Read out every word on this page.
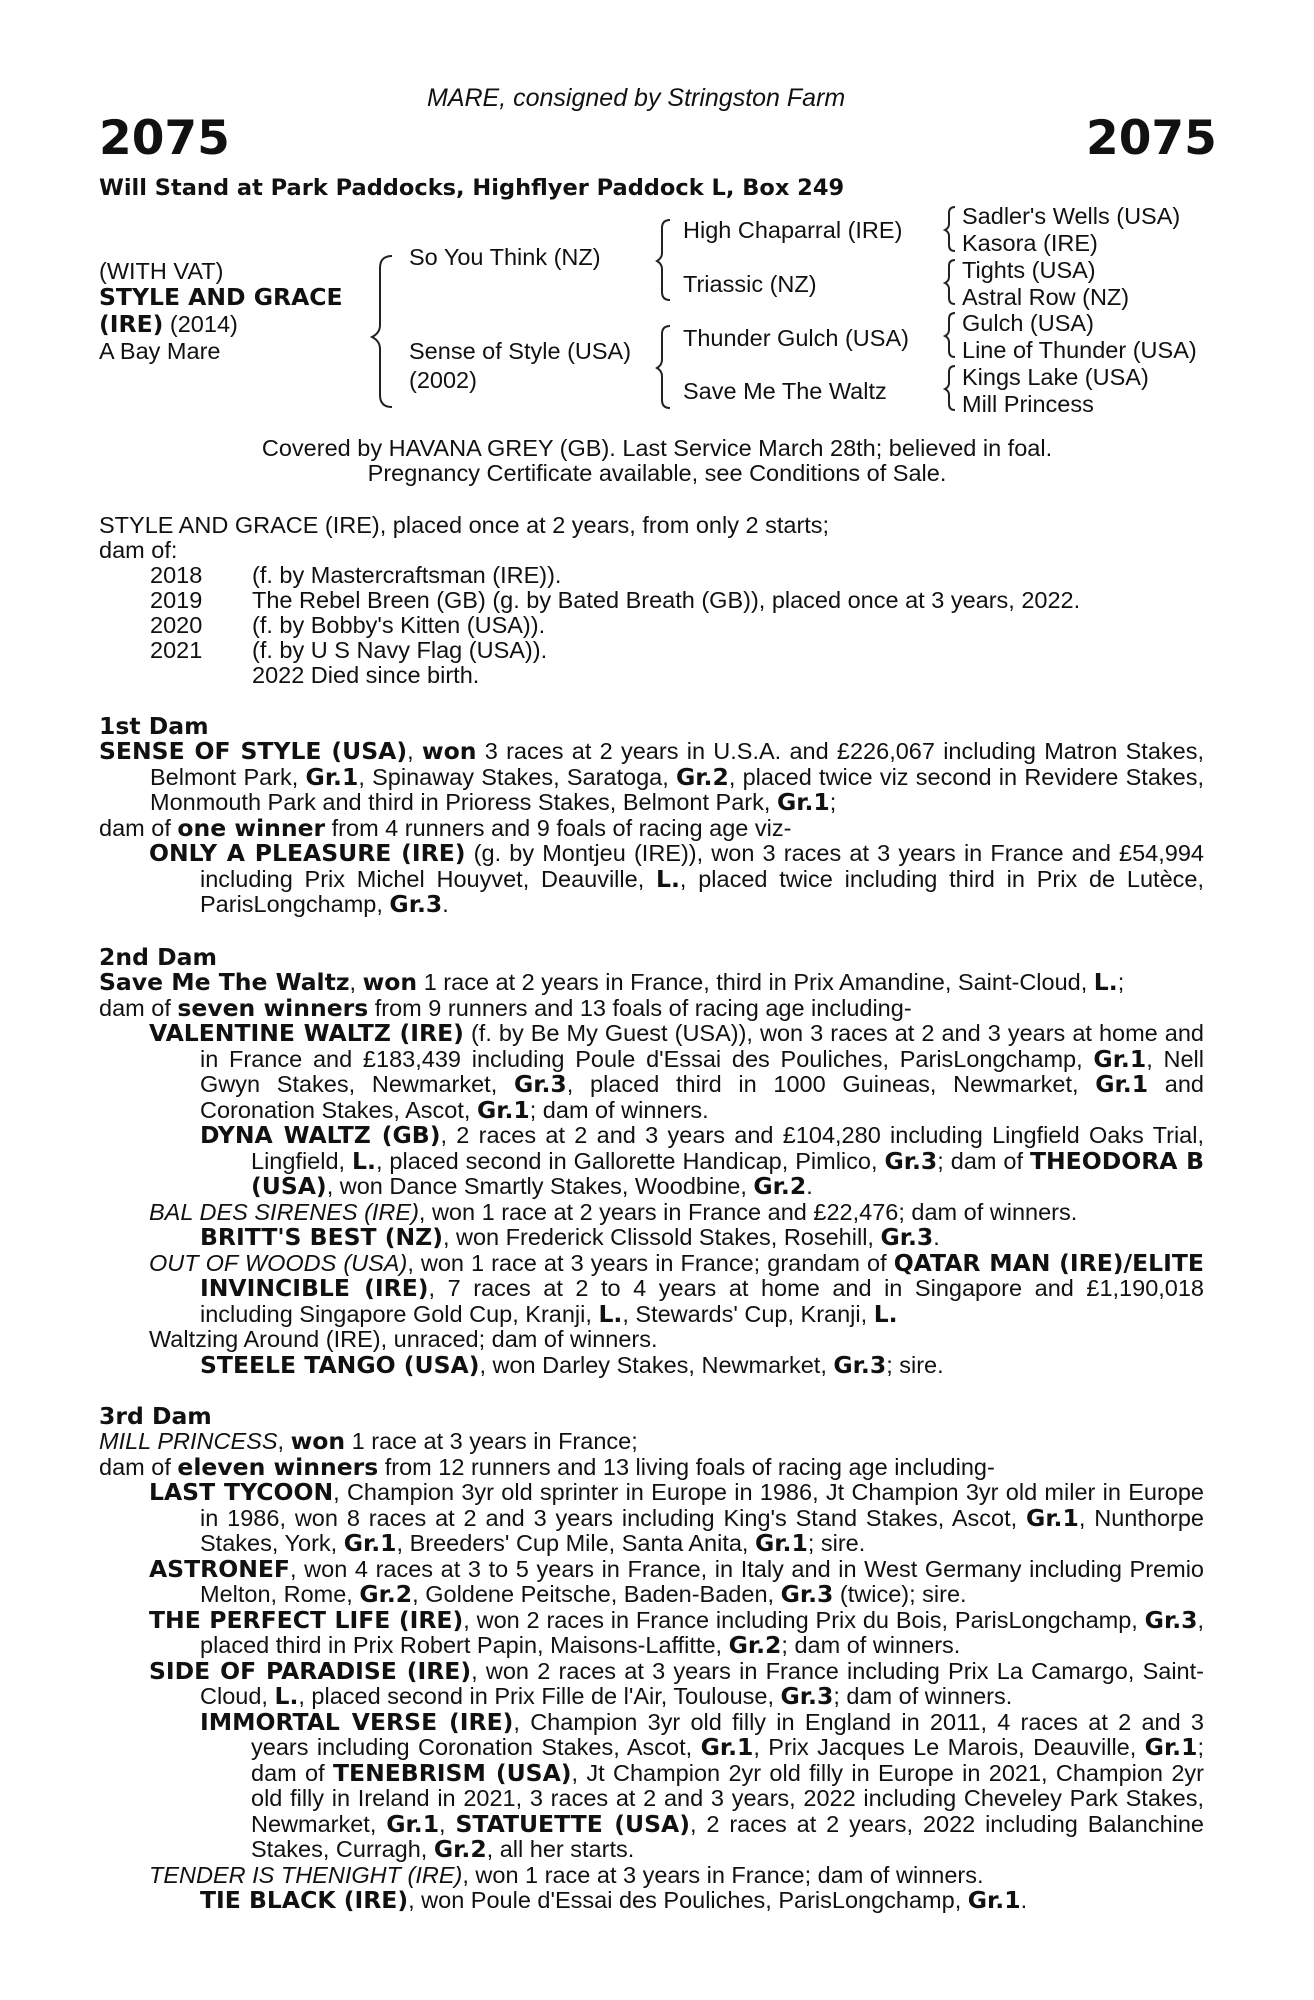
MARE, consigned by Stringston Farm
2075	2075
Will Stand at Park Paddocks, Highflyer Paddock L, Box 249
(WITH VAT)
STYLE AND GRACE
(IRE) (2014)
A Bay Mare
So You Think (NZ)
Sense of Style (USA)
(2002)
High Chaparral (IRE)
Triassic (NZ)
Thunder Gulch (USA)
Save Me The Waltz
Sadler's Wells (USA)
Kasora (IRE)
Tights (USA)
Astral Row (NZ)
Gulch (USA)
Line of Thunder (USA)
Kings Lake (USA)
Mill Princess
Covered by HAVANA GREY (GB). Last Service March 28th; believed in foal.
Pregnancy Certificate available, see Conditions of Sale.
STYLE AND GRACE (IRE), placed once at 2 years, from only 2 starts;
dam of:
2018 (f. by Mastercraftsman (IRE)).
2019 The Rebel Breen (GB) (g. by Bated Breath (GB)), placed once at 3 years, 2022.
2020 (f. by Bobby's Kitten (USA)).
2021 (f. by U S Navy Flag (USA)).
2022 Died since birth.
1st Dam
SENSE OF STYLE (USA), won 3 races at 2 years in U.S.A. and £226,067 including Matron Stakes, Belmont Park, Gr.1, Spinaway Stakes, Saratoga, Gr.2, placed twice viz second in Revidere Stakes, Monmouth Park and third in Prioress Stakes, Belmont Park, Gr.1;
dam of one winner from 4 runners and 9 foals of racing age viz-
ONLY A PLEASURE (IRE) (g. by Montjeu (IRE)), won 3 races at 3 years in France and £54,994 including Prix Michel Houyvet, Deauville, L., placed twice including third in Prix de Lutèce, ParisLongchamp, Gr.3.
2nd Dam
Save Me The Waltz, won 1 race at 2 years in France, third in Prix Amandine, Saint-Cloud, L.;
dam of seven winners from 9 runners and 13 foals of racing age including-
VALENTINE WALTZ (IRE) (f. by Be My Guest (USA)), won 3 races at 2 and 3 years at home and in France and £183,439 including Poule d'Essai des Pouliches, ParisLongchamp, Gr.1, Nell Gwyn Stakes, Newmarket, Gr.3, placed third in 1000 Guineas, Newmarket, Gr.1 and Coronation Stakes, Ascot, Gr.1; dam of winners.
DYNA WALTZ (GB), 2 races at 2 and 3 years and £104,280 including Lingfield Oaks Trial, Lingfield, L., placed second in Gallorette Handicap, Pimlico, Gr.3; dam of THEODORA B (USA), won Dance Smartly Stakes, Woodbine, Gr.2.
BAL DES SIRENES (IRE), won 1 race at 2 years in France and £22,476; dam of winners.
BRITT'S BEST (NZ), won Frederick Clissold Stakes, Rosehill, Gr.3.
OUT OF WOODS (USA), won 1 race at 3 years in France; grandam of QATAR MAN (IRE)/ELITE INVINCIBLE (IRE), 7 races at 2 to 4 years at home and in Singapore and £1,190,018 including Singapore Gold Cup, Kranji, L., Stewards' Cup, Kranji, L.
Waltzing Around (IRE), unraced; dam of winners.
STEELE TANGO (USA), won Darley Stakes, Newmarket, Gr.3; sire.
3rd Dam
MILL PRINCESS, won 1 race at 3 years in France;
dam of eleven winners from 12 runners and 13 living foals of racing age including-
LAST TYCOON, Champion 3yr old sprinter in Europe in 1986, Jt Champion 3yr old miler in Europe in 1986, won 8 races at 2 and 3 years including King's Stand Stakes, Ascot, Gr.1, Nunthorpe Stakes, York, Gr.1, Breeders' Cup Mile, Santa Anita, Gr.1; sire.
ASTRONEF, won 4 races at 3 to 5 years in France, in Italy and in West Germany including Premio Melton, Rome, Gr.2, Goldene Peitsche, Baden-Baden, Gr.3 (twice); sire.
THE PERFECT LIFE (IRE), won 2 races in France including Prix du Bois, ParisLongchamp, Gr.3, placed third in Prix Robert Papin, Maisons-Laffitte, Gr.2; dam of winners.
SIDE OF PARADISE (IRE), won 2 races at 3 years in France including Prix La Camargo, Saint-Cloud, L., placed second in Prix Fille de l'Air, Toulouse, Gr.3; dam of winners.
IMMORTAL VERSE (IRE), Champion 3yr old filly in England in 2011, 4 races at 2 and 3 years including Coronation Stakes, Ascot, Gr.1, Prix Jacques Le Marois, Deauville, Gr.1; dam of TENEBRISM (USA), Jt Champion 2yr old filly in Europe in 2021, Champion 2yr old filly in Ireland in 2021, 3 races at 2 and 3 years, 2022 including Cheveley Park Stakes, Newmarket, Gr.1, STATUETTE (USA), 2 races at 2 years, 2022 including Balanchine Stakes, Curragh, Gr.2, all her starts.
TENDER IS THENIGHT (IRE), won 1 race at 3 years in France; dam of winners.
TIE BLACK (IRE), won Poule d'Essai des Pouliches, ParisLongchamp, Gr.1.
